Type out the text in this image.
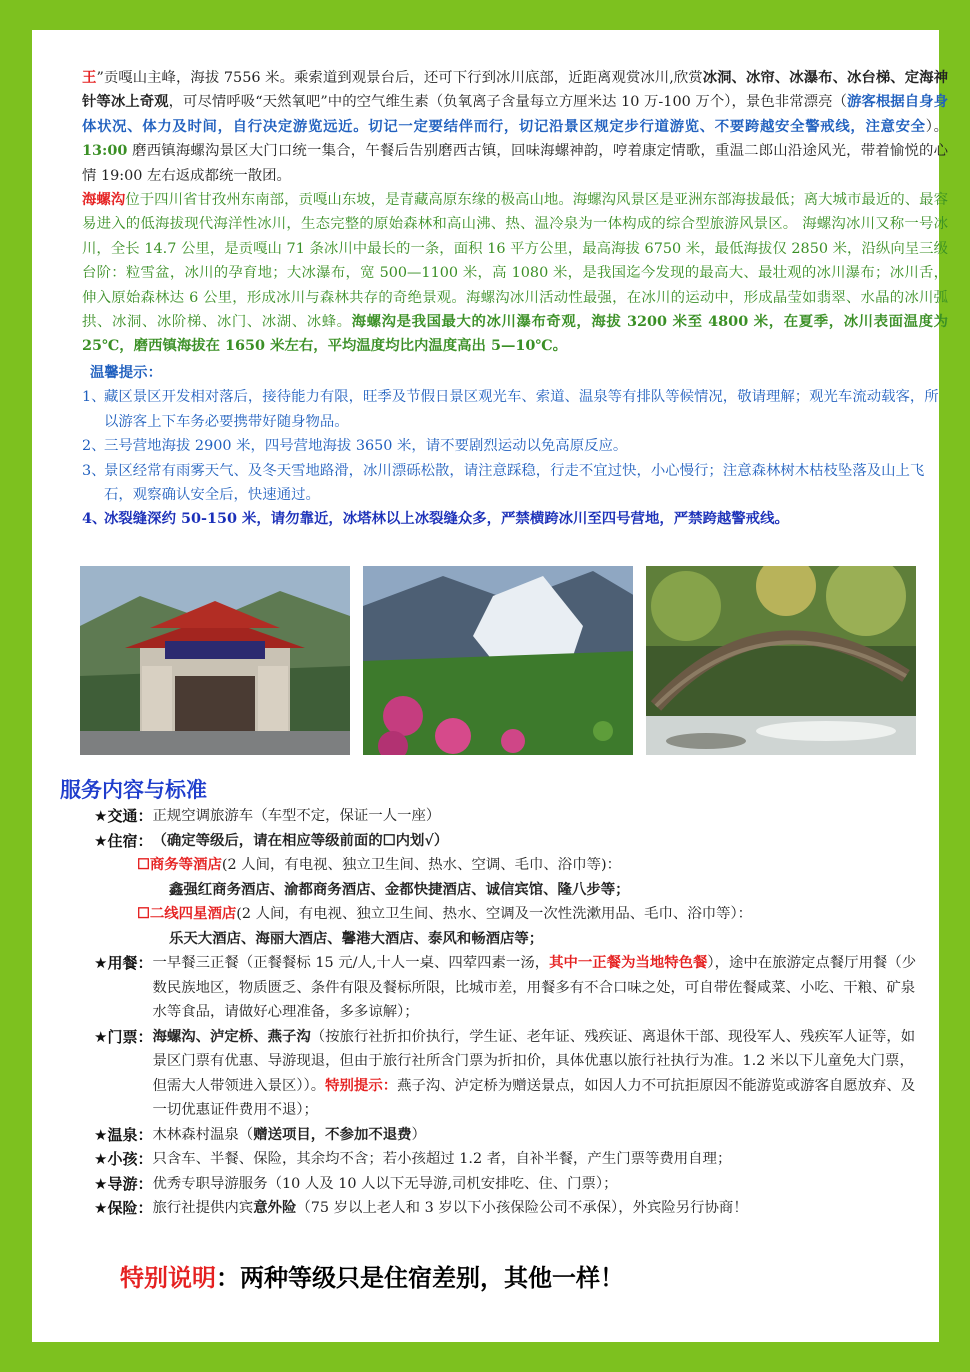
王”贡嘎山主峰，海拔 7556 米。乘索道到观景台后，还可下行到冰川底部，近距离观赏冰川,欣赏冰洞、冰帘、冰瀑布、冰台梯、定海神针等冰上奇观，可尽情呼吸“天然氧吧”中的空气维生素（负氧离子含量每立方厘米达 10 万-100 万个），景色非常漂亮（游客根据自身身体状况、体力及时间，自行决定游览远近。切记一定要结伴而行，切记沿景区规定步行道游览、不要跨越安全警戒线，注意安全）。13:00 磨西镇海螺沟景区大门口统一集合，午餐后告别磨西古镇，回味海螺神韵，哼着康定情歌，重温二郎山沿途风光，带着愉悦的心情 19:00 左右返成都统一散团。

海螺沟位于四川省甘孜州东南部，贡嘎山东坡，是青藏高原东缘的极高山地。海螺沟风景区是亚洲东部海拔最低；离大城市最近的、最容易进入的低海拔现代海洋性冰川，生态完整的原始森林和高山沸、热、温冷泉为一体构成的综合型旅游风景区。 海螺沟冰川又称一号冰川，全长 14.7 公里，是贡嘎山 71 条冰川中最长的一条，面积 16 平方公里，最高海拔 6750 米，最低海拔仅 2850 米，沿纵向呈三级台阶：粒雪盆，冰川的孕育地；大冰瀑布，宽 500—1100 米，高 1080 米，是我国迄今发现的最高大、最壮观的冰川瀑布；冰川舌，伸入原始森林达 6 公里，形成冰川与森林共存的奇绝景观。海螺沟冰川活动性最强，在冰川的运动中，形成晶莹如翡翠、水晶的冰川弧拱、冰洞、冰阶梯、冰门、冰湖、冰蜂。海螺沟是我国最大的冰川瀑布奇观，海拔 3200 米至 4800 米，在夏季，冰川表面温度为 25℃，磨西镇海拔在 1650 米左右，平均温度均比内温度高出 5—10℃。

温馨提示：
1、
藏区景区开发相对落后，接待能力有限，旺季及节假日景区观光车、索道、温泉等有排队等候情况，敬请理解；观光车流动载客，所以游客上下车务必要携带好随身物品。
2、
三号营地海拔 2900 米，四号营地海拔 3650 米，请不要剧烈运动以免高原反应。
3、
景区经常有雨雾天气、及冬天雪地路滑，冰川漂砾松散，请注意踩稳，行走不宜过快，小心慢行；注意森林树木枯枝坠落及山上飞石，观察确认安全后，快速通过。
4、
冰裂缝深约 50-150 米，请勿靠近，冰塔林以上冰裂缝众多，严禁横跨冰川至四号营地，严禁跨越警戒线。
服务内容与标准
★交通： 正规空调旅游车（车型不定，保证一人一座）
★住宿： （确定等级后，请在相应等级前面的☐内划√）
☐商务等酒店(2 人间，有电视、独立卫生间、热水、空调、毛巾、浴巾等)：
鑫强红商务酒店、渝都商务酒店、金都快捷酒店、诚信宾馆、隆八步等；
☐二线四星酒店(2 人间，有电视、独立卫生间、热水、空调及一次性洗漱用品、毛巾、浴巾等）：
乐天大酒店、海丽大酒店、馨港大酒店、泰风和畅酒店等；
★用餐： 一早餐三正餐（正餐餐标 15 元/人,十人一桌、四荤四素一汤，其中一正餐为当地特色餐），途中在旅游定点餐厅用餐（少数民族地区，物质匮乏、条件有限及餐标所限，比城市差，用餐多有不合口味之处，可自带佐餐咸菜、小吃、干粮、矿泉水等食品，请做好心理准备，多多谅解）；
★门票： 海螺沟、泸定桥、燕子沟（按旅行社折扣价执行，学生证、老年证、残疾证、离退休干部、现役军人、残疾军人证等，如景区门票有优惠、导游现退，但由于旅行社所含门票为折扣价，具体优惠以旅行社执行为准。1.2 米以下儿童免大门票，但需大人带领进入景区））。特别提示：燕子沟、泸定桥为赠送景点，如因人力不可抗拒原因不能游览或游客自愿放弃、及一切优惠证件费用不退）；
★温泉： 木林森村温泉（赠送项目，不参加不退费）
★小孩： 只含车、半餐、保险，其余均不含；若小孩超过 1.2 者，自补半餐，产生门票等费用自理；
★导游： 优秀专职导游服务（10 人及 10 人以下无导游,司机安排吃、住、门票）；
★保险： 旅行社提供内宾意外险（75 岁以上老人和 3 岁以下小孩保险公司不承保），外宾险另行协商！
特别说明：两种等级只是住宿差别，其他一样！
